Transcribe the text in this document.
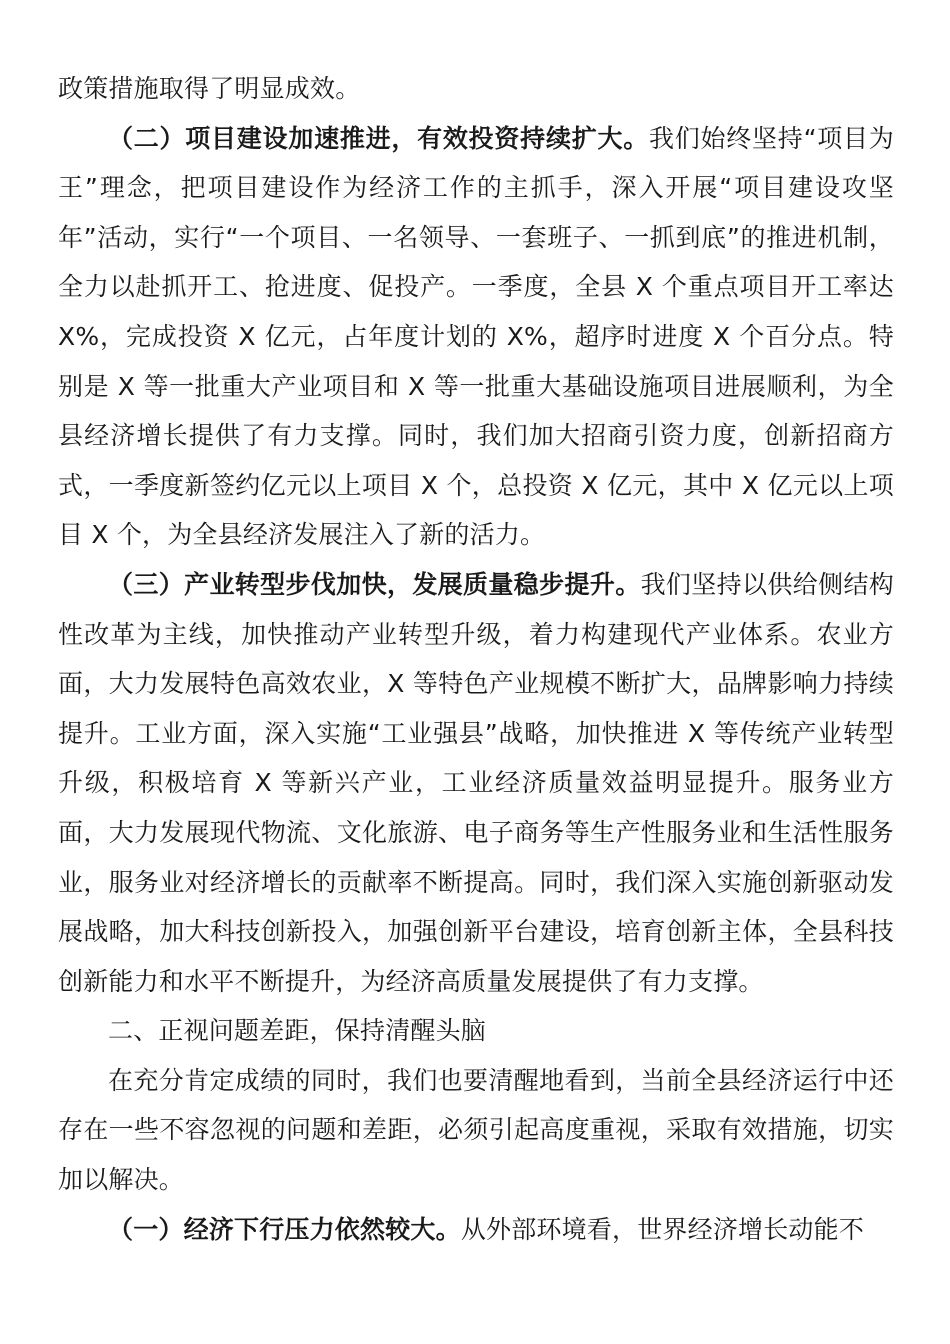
政策措施取得了明显成效。

（二）项目建设加速推进，有效投资持续扩大。我们始终坚持“项目为王”理念，把项目建设作为经济工作的主抓手，深入开展“项目建设攻坚年”活动，实行“一个项目、一名领导、一套班子、一抓到底”的推进机制，全力以赴抓开工、抢进度、促投产。一季度，全县 X 个重点项目开工率达 X%，完成投资 X 亿元，占年度计划的 X%，超序时进度 X 个百分点。特别是 X 等一批重大产业项目和 X 等一批重大基础设施项目进展顺利，为全县经济增长提供了有力支撑。同时，我们加大招商引资力度，创新招商方式，一季度新签约亿元以上项目 X 个，总投资 X 亿元，其中 X 亿元以上项目 X 个，为全县经济发展注入了新的活力。

（三）产业转型步伐加快，发展质量稳步提升。我们坚持以供给侧结构性改革为主线，加快推动产业转型升级，着力构建现代产业体系。农业方面，大力发展特色高效农业，X 等特色产业规模不断扩大，品牌影响力持续提升。工业方面，深入实施“工业强县”战略，加快推进 X 等传统产业转型升级，积极培育 X 等新兴产业，工业经济质量效益明显提升。服务业方面，大力发展现代物流、文化旅游、电子商务等生产性服务业和生活性服务业，服务业对经济增长的贡献率不断提高。同时，我们深入实施创新驱动发展战略，加大科技创新投入，加强创新平台建设，培育创新主体，全县科技创新能力和水平不断提升，为经济高质量发展提供了有力支撑。

二、正视问题差距，保持清醒头脑

在充分肯定成绩的同时，我们也要清醒地看到，当前全县经济运行中还存在一些不容忽视的问题和差距，必须引起高度重视，采取有效措施，切实加以解决。

（一）经济下行压力依然较大。从外部环境看，世界经济增长动能不
